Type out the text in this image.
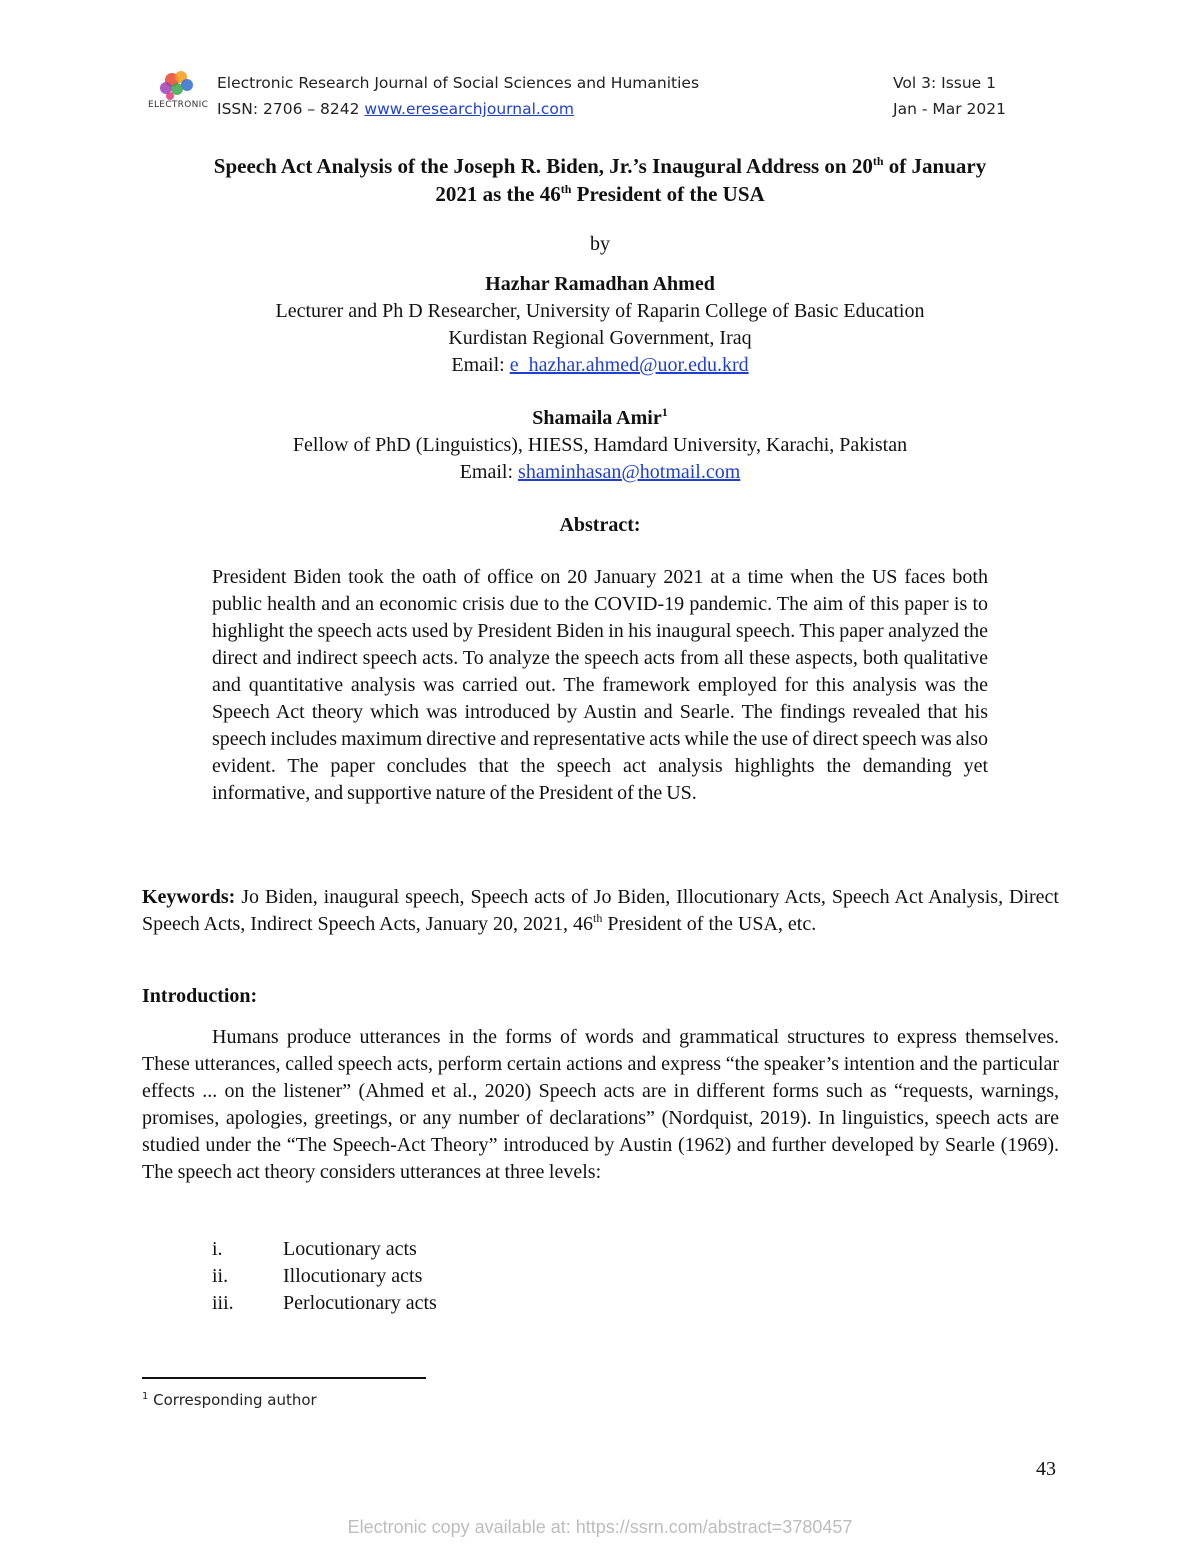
ELECTRONIC
Electronic Research Journal of Social Sciences and Humanities
ISSN: 2706 – 8242 www.eresearchjournal.com
Vol 3: Issue 1
Jan - Mar 2021
Speech Act Analysis of the Joseph R. Biden, Jr.’s Inaugural Address on 20th of January
2021 as the 46th President of the USA
by
Hazhar Ramadhan Ahmed
Lecturer and Ph D Researcher, University of Raparin College of Basic Education
Kurdistan Regional Government, Iraq
Email: e_hazhar.ahmed@uor.edu.krd
Shamaila Amir$^1$
Fellow of PhD (Linguistics), HIESS, Hamdard University, Karachi, Pakistan
Email: shaminhasan@hotmail.com
Abstract:
President Biden took the oath of office on 20 January 2021 at a time when the US faces both public health and an economic crisis due to the COVID-19 pandemic. The aim of this paper is to highlight the speech acts used by President Biden in his inaugural speech. This paper analyzed the direct and indirect speech acts. To analyze the speech acts from all these aspects, both qualitative and quantitative analysis was carried out. The framework employed for this analysis was the Speech Act theory which was introduced by Austin and Searle. The findings revealed that his speech includes maximum directive and representative acts while the use of direct speech was also evident. The paper concludes that the speech act analysis highlights the demanding yet informative, and supportive nature of the President of the US.
Keywords: Jo Biden, inaugural speech, Speech acts of Jo Biden, Illocutionary Acts, Speech Act Analysis, Direct Speech Acts, Indirect Speech Acts, January 20, 2021, 46th President of the USA, etc.
Introduction:
Humans produce utterances in the forms of words and grammatical structures to express themselves. These utterances, called speech acts, perform certain actions and express “the speaker’s intention and the particular effects ... on the listener” (Ahmed et al., 2020) Speech acts are in different forms such as “requests, warnings, promises, apologies, greetings, or any number of declarations” (Nordquist, 2019). In linguistics, speech acts are studied under the “The Speech-Act Theory” introduced by Austin (1962) and further developed by Searle (1969). The speech act theory considers utterances at three levels:
i.	Locutionary acts
ii.	Illocutionary acts
iii. Perlocutionary acts
$^1$ Corresponding author
43
Electronic copy available at: https://ssrn.com/abstract=3780457
